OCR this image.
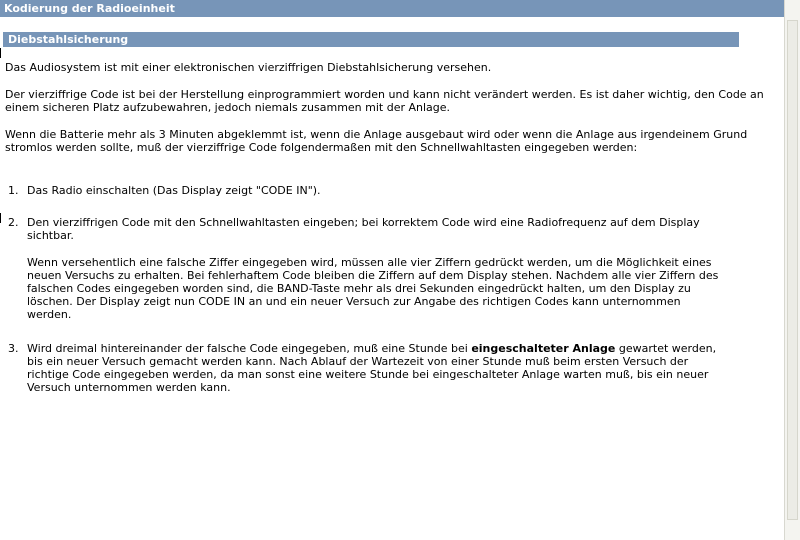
Kodierung der Radioeinheit
Diebstahlsicherung

Das Audiosystem ist mit einer elektronischen vierziffrigen Diebstahlsicherung versehen.

Der vierziffrige Code ist bei der Herstellung einprogrammiert worden und kann nicht verändert werden. Es ist daher wichtig, den Code an einem sicheren Platz aufzubewahren, jedoch niemals zusammen mit der Anlage.

Wenn die Batterie mehr als 3 Minuten abgeklemmt ist, wenn die Anlage ausgebaut wird oder wenn die Anlage aus irgendeinem Grund stromlos werden sollte, muß der vierziffrige Code folgendermaßen mit den Schnellwahltasten eingegeben werden:

1. Das Radio einschalten (Das Display zeigt "CODE IN").
2. Den vierziffrigen Code mit den Schnellwahltasten eingeben; bei korrektem Code wird eine Radiofrequenz auf dem Display sichtbar.
Wenn versehentlich eine falsche Ziffer eingegeben wird, müssen alle vier Ziffern gedrückt werden, um die Möglichkeit eines neuen Versuchs zu erhalten. Bei fehlerhaftem Code bleiben die Ziffern auf dem Display stehen. Nachdem alle vier Ziffern des falschen Codes eingegeben worden sind, die BAND-Taste mehr als drei Sekunden eingedrückt halten, um den Display zu löschen. Der Display zeigt nun CODE IN an und ein neuer Versuch zur Angabe des richtigen Codes kann unternommen werden.
3. Wird dreimal hintereinander der falsche Code eingegeben, muß eine Stunde bei eingeschalteter Anlage gewartet werden, bis ein neuer Versuch gemacht werden kann. Nach Ablauf der Wartezeit von einer Stunde muß beim ersten Versuch der richtige Code eingegeben werden, da man sonst eine weitere Stunde bei eingeschalteter Anlage warten muß, bis ein neuer Versuch unternommen werden kann.
